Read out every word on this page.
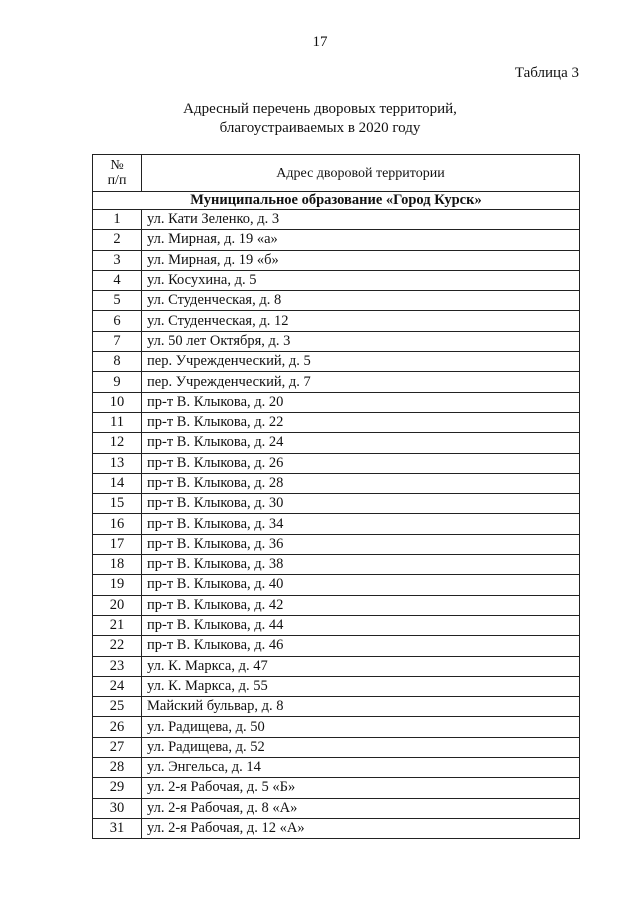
17
Таблица 3
Адресный перечень дворовых территорий,
благоустраиваемых в 2020 году
№
п/п	Адрес дворовой территории
Муниципальное образование «Город Курск»	
1	ул. Кати Зеленко, д. 3
2	ул. Мирная, д. 19 «а»
3	ул. Мирная, д. 19 «б»
4	ул. Косухина, д. 5
5	ул. Студенческая, д. 8
6	ул. Студенческая, д. 12
7	ул. 50 лет Октября, д. 3
8	пер. Учрежденческий, д. 5
9	пер. Учрежденческий, д. 7
10	пр-т В. Клыкова, д. 20
11	пр-т В. Клыкова, д. 22
12	пр-т В. Клыкова, д. 24
13	пр-т В. Клыкова, д. 26
14	пр-т В. Клыкова, д. 28
15	пр-т В. Клыкова, д. 30
16	пр-т В. Клыкова, д. 34
17	пр-т В. Клыкова, д. 36
18	пр-т В. Клыкова, д. 38
19	пр-т В. Клыкова, д. 40
20	пр-т В. Клыкова, д. 42
21	пр-т В. Клыкова, д. 44
22	пр-т В. Клыкова, д. 46
23	ул. К. Маркса, д. 47
24	ул. К. Маркса, д. 55
25	Майский бульвар, д. 8
26	ул. Радищева, д. 50
27	ул. Радищева, д. 52
28	ул. Энгельса, д. 14
29	ул. 2-я Рабочая, д. 5 «Б»
30	ул. 2-я Рабочая, д. 8 «А»
31	ул. 2-я Рабочая, д. 12 «А»
